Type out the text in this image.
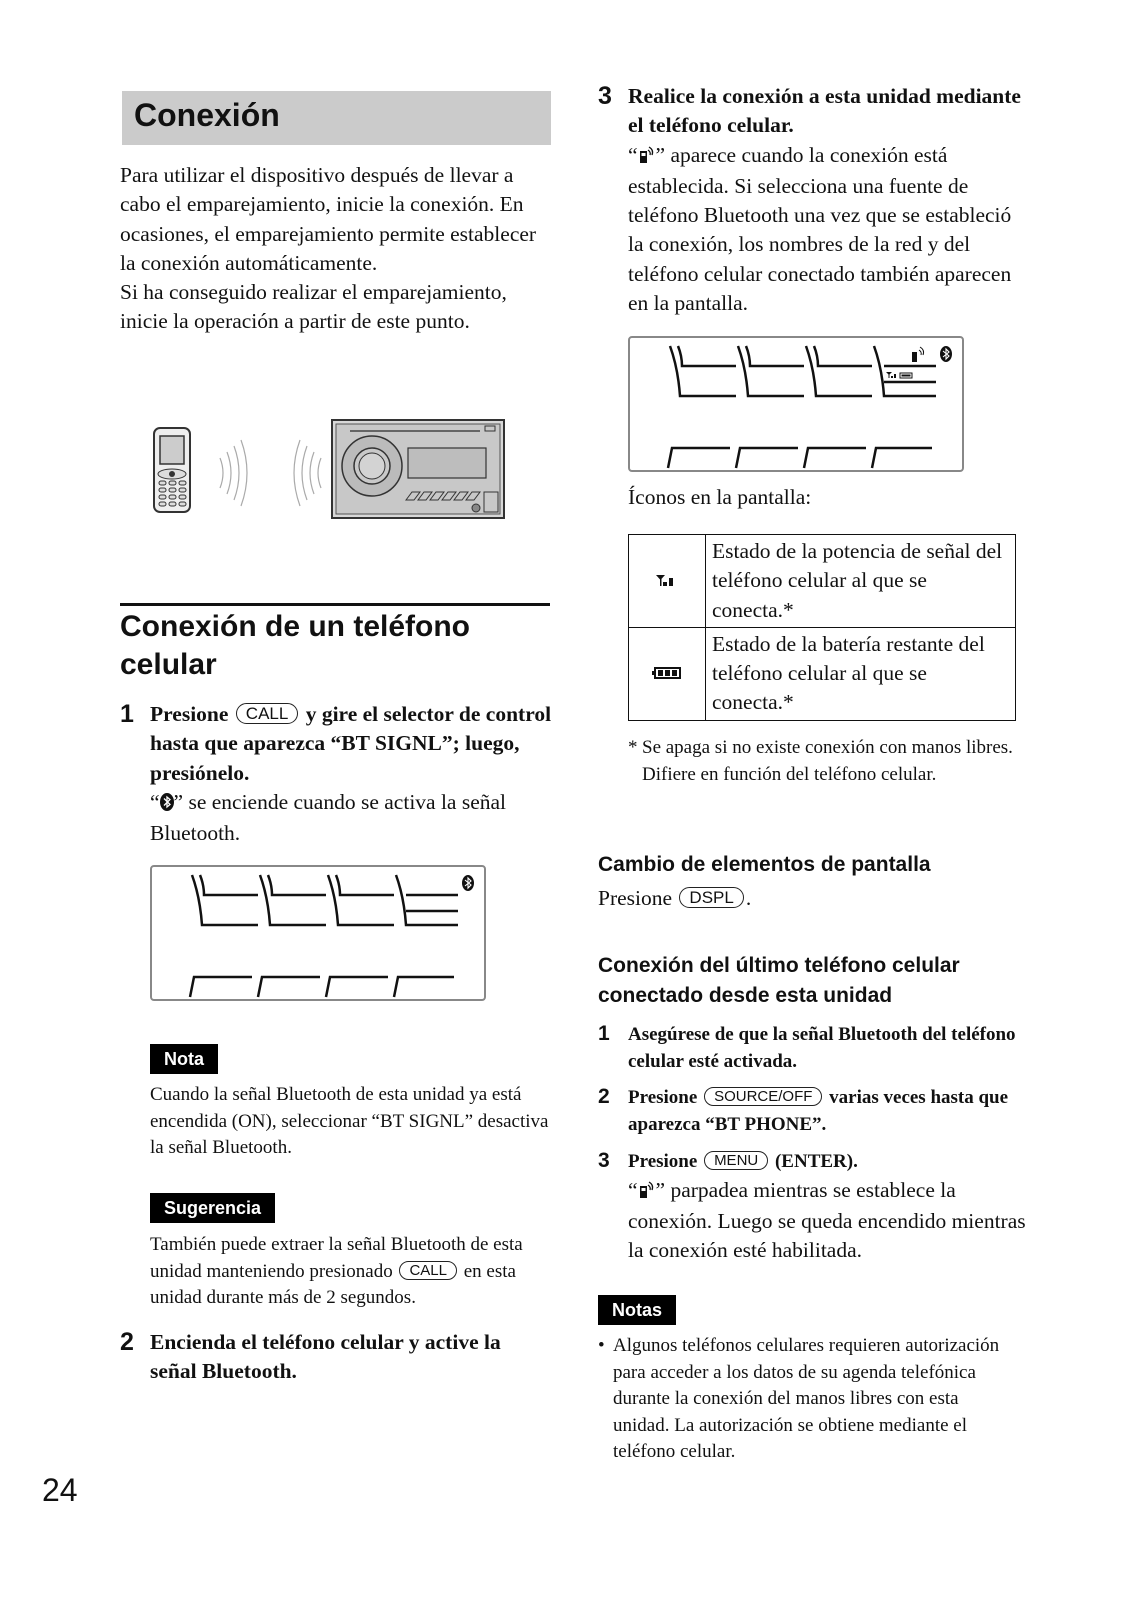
Conexión
Para utilizar el dispositivo después de llevar a cabo el emparejamiento, inicie la conexión. En ocasiones, el emparejamiento permite establecer la conexión automáticamente.
Si ha conseguido realizar el emparejamiento, inicie la operación a partir de este punto.
Conexión de un teléfono celular
1 Presione CALL y gire el selector de control hasta que aparezca “BT SIGNL”; luego, presiónelo.
“ ” se enciende cuando se activa la señal Bluetooth.
Nota
Cuando la señal Bluetooth de esta unidad ya está encendida (ON), seleccionar “BT SIGNL” desactiva la señal Bluetooth.
Sugerencia
También puede extraer la señal Bluetooth de esta unidad manteniendo presionado CALL en esta unidad durante más de 2 segundos.
2 Encienda el teléfono celular y active la señal Bluetooth.
24
3 Realice la conexión a esta unidad mediante el teléfono celular.
“ ” aparece cuando la conexión está establecida. Si selecciona una fuente de teléfono Bluetooth una vez que se estableció la conexión, los nombres de la red y del teléfono celular conectado también aparecen en la pantalla.
Íconos en la pantalla:
	Estado de la potencia de señal del teléfono celular al que se conecta.*
	Estado de la batería restante del teléfono celular al que se conecta.*
* Se apaga si no existe conexión con manos libres. Difiere en función del teléfono celular.
Cambio de elementos de pantalla
Presione DSPL .
Conexión del último teléfono celular conectado desde esta unidad
1 Asegúrese de que la señal Bluetooth del teléfono celular esté activada.
2 Presione SOURCE/OFF varias veces hasta que aparezca “BT PHONE”.
3 Presione MENU (ENTER).
“ ” parpadea mientras se establece la conexión. Luego se queda encendido mientras la conexión esté habilitada.
Notas
• Algunos teléfonos celulares requieren autorización para acceder a los datos de su agenda telefónica durante la conexión del manos libres con esta unidad. La autorización se obtiene mediante el teléfono celular.
